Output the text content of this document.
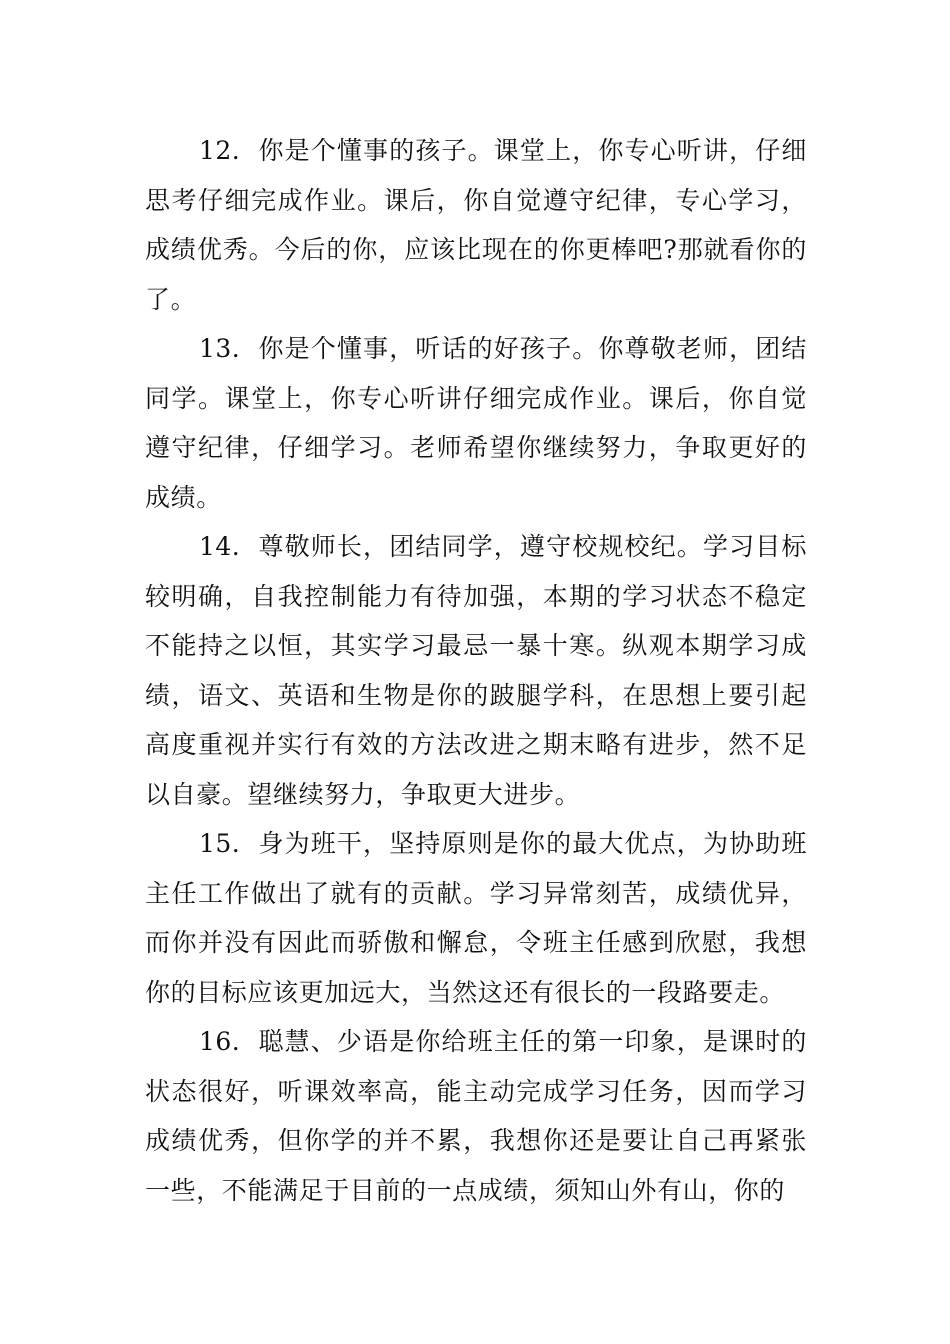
12. 你是个懂事的孩子。课堂上，你专心听讲，仔细思考仔细完成作业。课后，你自觉遵守纪律，专心学习，成绩优秀。今后的你，应该比现在的你更棒吧?那就看你的了。

13. 你是个懂事，听话的好孩子。你尊敬老师，团结同学。课堂上，你专心听讲仔细完成作业。课后，你自觉遵守纪律，仔细学习。老师希望你继续努力，争取更好的成绩。

14. 尊敬师长，团结同学，遵守校规校纪。学习目标较明确，自我控制能力有待加强，本期的学习状态不稳定不能持之以恒，其实学习最忌一暴十寒。纵观本期学习成绩，语文、英语和生物是你的跛腿学科，在思想上要引起高度重视并实行有效的方法改进之期末略有进步，然不足以自豪。望继续努力，争取更大进步。

15. 身为班干，坚持原则是你的最大优点，为协助班主任工作做出了就有的贡献。学习异常刻苦，成绩优异，而你并没有因此而骄傲和懈怠，令班主任感到欣慰，我想你的目标应该更加远大，当然这还有很长的一段路要走。

16. 聪慧、少语是你给班主任的第一印象，是课时的状态很好，听课效率高，能主动完成学习任务，因而学习成绩优秀，但你学的并不累，我想你还是要让自己再紧张一些，不能满足于目前的一点成绩，须知山外有山，你的
